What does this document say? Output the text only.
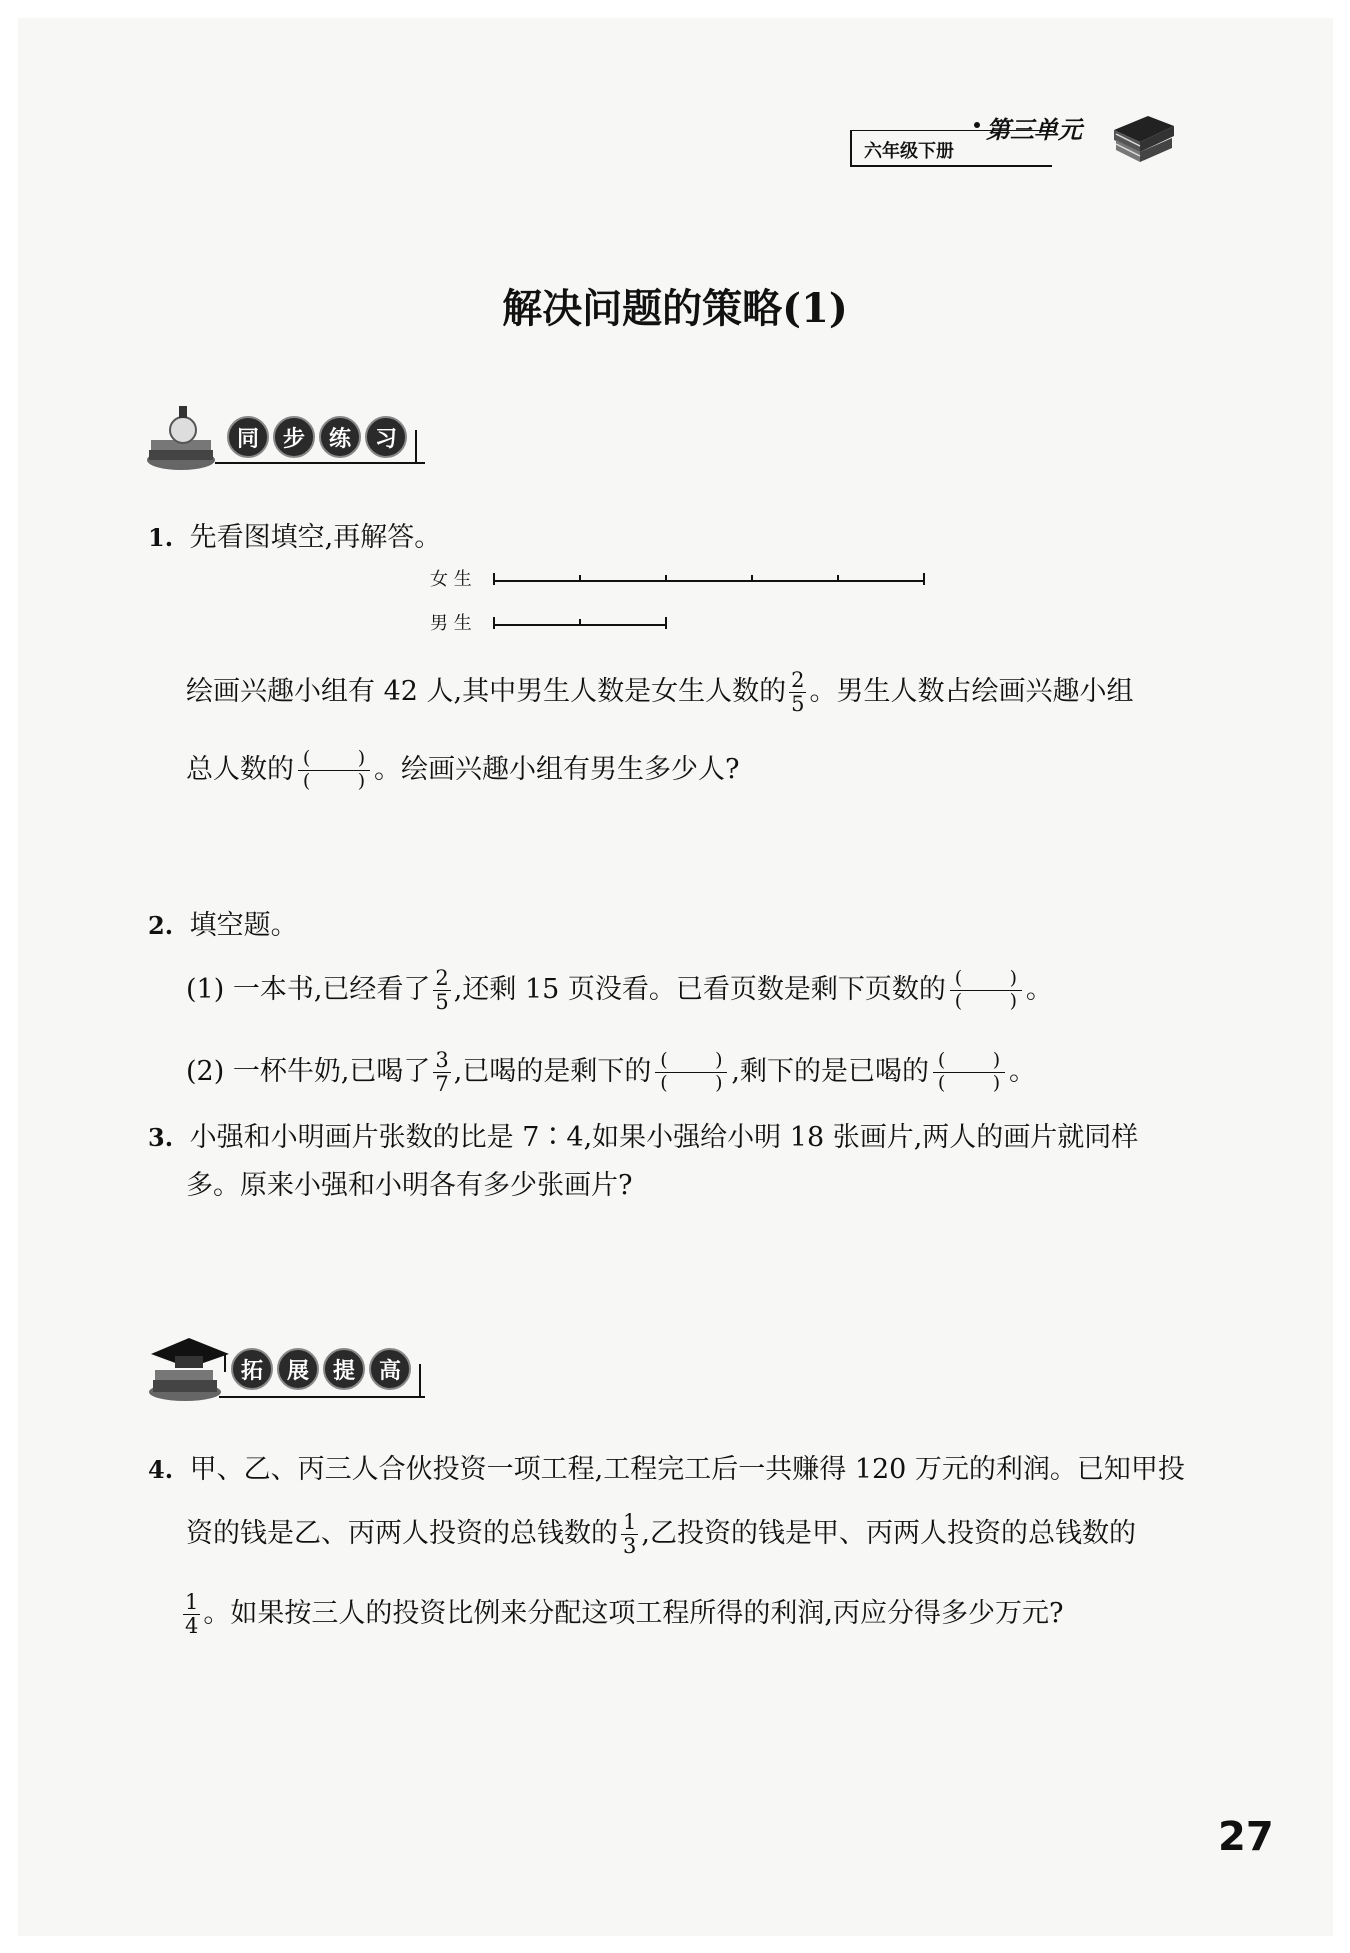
第三单元
六年级下册
解决问题的策略(1)
同	步	练	习
1. 先看图填空,再解答。
女 生
男 生
绘画兴趣小组有 42 人,其中男生人数是女生人数的 $\frac{2}{5}$ 。男生人数占绘画兴趣小组
总人数的 (   )
(   ) 。绘画兴趣小组有男生多少人?
2. 填空题。
(1) 一本书,已经看了 $\frac{2}{5}$ ,还剩 15 页没看。已看页数是剩下页数的 (   )
(   ) 。
(2) 一杯牛奶,已喝了 $\frac{3}{7}$ ,已喝的是剩下的 (   )
(   ) ,剩下的是已喝的 (   )
(   ) 。
3. 小强和小明画片张数的比是 7∶4,如果小强给小明 18 张画片,两人的画片就同样
多。原来小强和小明各有多少张画片?
拓	展	提	高
4. 甲、乙、丙三人合伙投资一项工程,工程完工后一共赚得 120 万元的利润。已知甲投
资的钱是乙、丙两人投资的总钱数的 $\frac{1}{3}$ ,乙投资的钱是甲、丙两人投资的总钱数的
$\frac{1}{4}$ 。如果按三人的投资比例来分配这项工程所得的利润,丙应分得多少万元?
27
